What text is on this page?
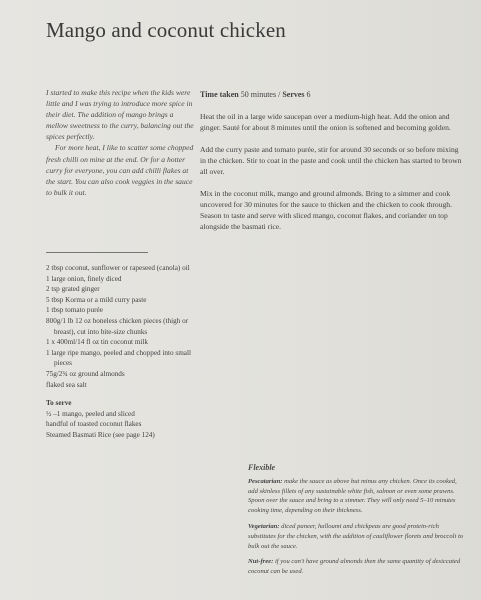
Mango and coconut chicken

I started to make this recipe when the kids were little and I was trying to introduce more spice in their diet. The addition of mango brings a mellow sweetness to the curry, balancing out the spices perfectly.

For more heat, I like to scatter some chopped fresh chilli on mine at the end. Or for a hotter curry for everyone, you can add chilli flakes at the start. You can also cook veggies in the sauce to bulk it out.

2 tbsp coconut, sunflower or rapeseed (canola) oil
1 large onion, finely diced
2 tsp grated ginger
5 tbsp Korma or a mild curry paste
1 tbsp tomato purée
800g/1 lb 12 oz boneless chicken pieces (thigh or breast), cut into bite-size chunks
1 x 400ml/14 fl oz tin coconut milk
1 large ripe mango, peeled and chopped into small pieces
75g/2¾ oz ground almonds
flaked sea salt
To serve
½ –1 mango, peeled and sliced
handful of toasted coconut flakes
Steamed Basmati Rice (see page 124)
Time taken 50 minutes / Serves 6

Heat the oil in a large wide saucepan over a medium-high heat. Add the onion and ginger. Sauté for about 8 minutes until the onion is softened and becoming golden.

Add the curry paste and tomato purée, stir for around 30 seconds or so before mixing in the chicken. Stir to coat in the paste and cook until the chicken has started to brown all over.

Mix in the coconut milk, mango and ground almonds. Bring to a simmer and cook uncovered for 30 minutes for the sauce to thicken and the chicken to cook through. Season to taste and serve with sliced mango, coconut flakes, and coriander on top alongside the basmati rice.

Flexible

Pescatarian: make the sauce as above but minus any chicken. Once its cooked, add skinless fillets of any sustainable white fish, salmon or even some prawns. Spoon over the sauce and bring to a simmer. They will only need 5–10 minutes cooking time, depending on their thickness.

Vegetarian: diced paneer, halloumi and chickpeas are good protein-rich substitutes for the chicken, with the addition of cauliflower florets and broccoli to bulk out the sauce.

Nut-free: if you can't have ground almonds then the same quantity of desiccated coconut can be used.
